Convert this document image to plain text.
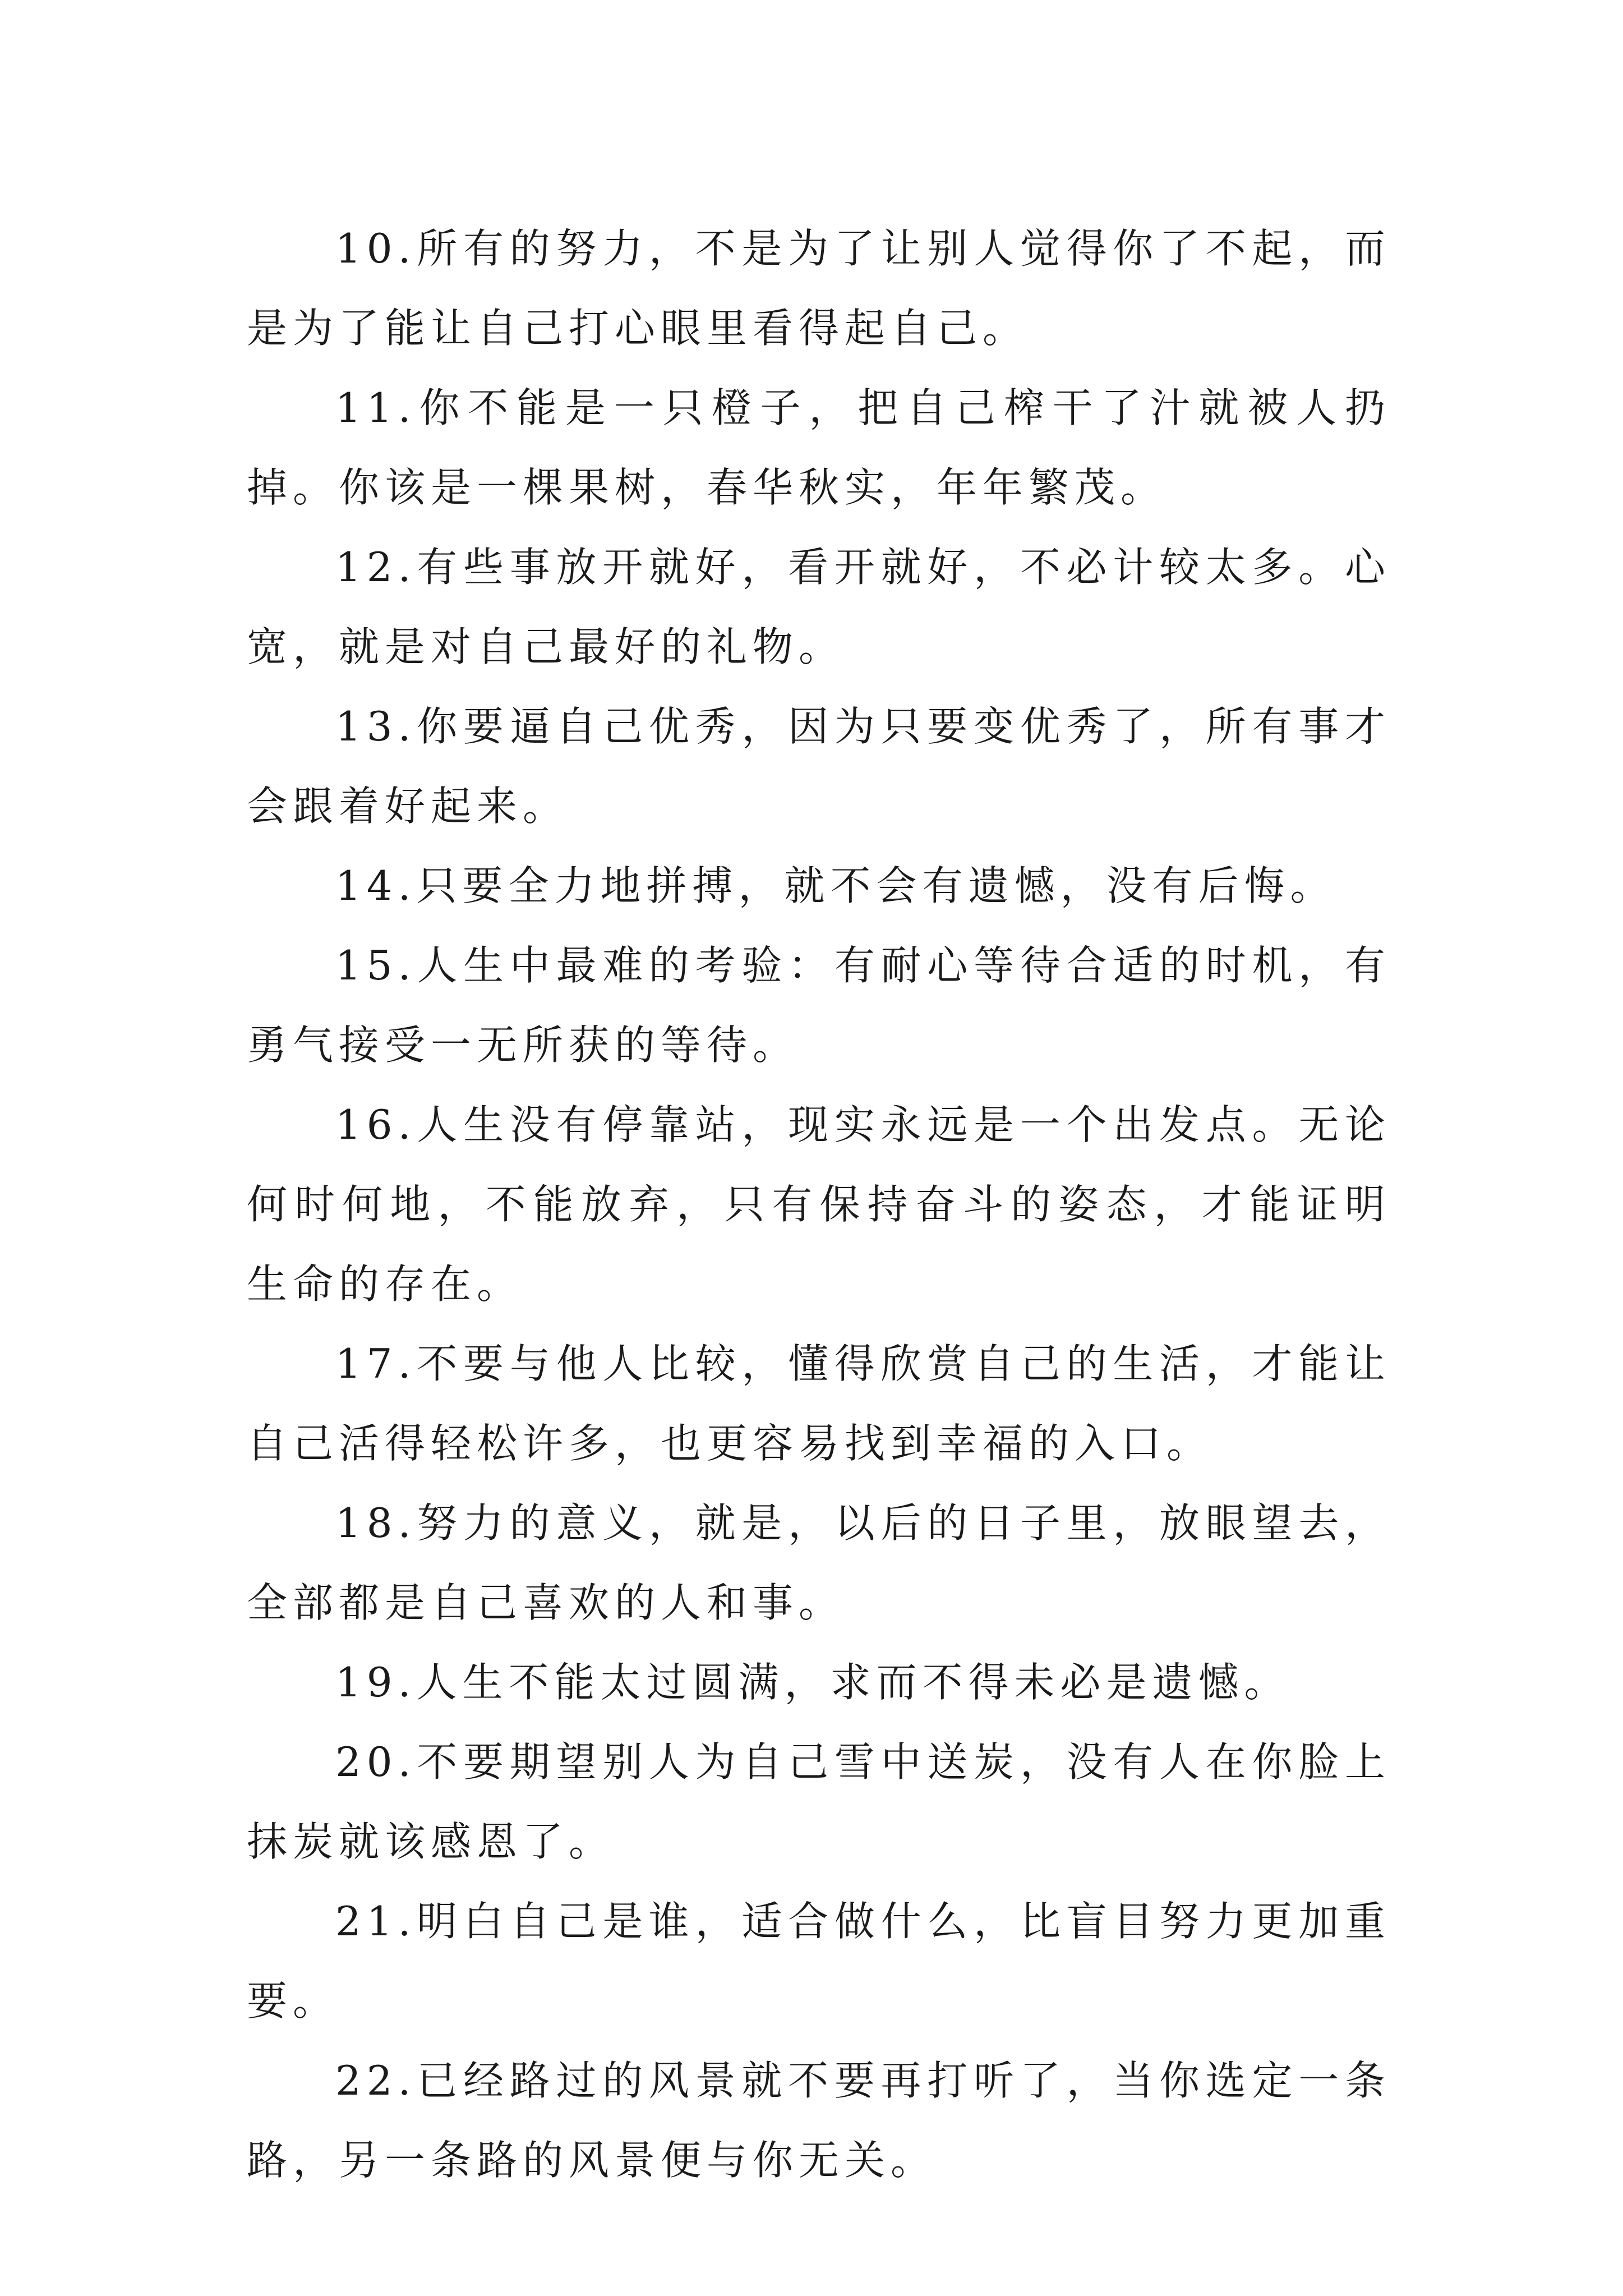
10.所有的努力，不是为了让别人觉得你了不起，而是为了能让自己打心眼里看得起自己。

11.你不能是一只橙子，把自己榨干了汁就被人扔掉。你该是一棵果树，春华秋实，年年繁茂。

12.有些事放开就好，看开就好，不必计较太多。心宽，就是对自己最好的礼物。

13.你要逼自己优秀，因为只要变优秀了，所有事才会跟着好起来。

14.只要全力地拼搏，就不会有遗憾，没有后悔。

15.人生中最难的考验：有耐心等待合适的时机，有勇气接受一无所获的等待。

16.人生没有停靠站，现实永远是一个出发点。无论何时何地，不能放弃，只有保持奋斗的姿态，才能证明生命的存在。

17.不要与他人比较，懂得欣赏自己的生活，才能让自己活得轻松许多，也更容易找到幸福的入口。

18.努力的意义，就是，以后的日子里，放眼望去，全部都是自己喜欢的人和事。

19.人生不能太过圆满，求而不得未必是遗憾。

20.不要期望别人为自己雪中送炭，没有人在你脸上抹炭就该感恩了。

21.明白自己是谁，适合做什么，比盲目努力更加重要。

22.已经路过的风景就不要再打听了，当你选定一条路，另一条路的风景便与你无关。
